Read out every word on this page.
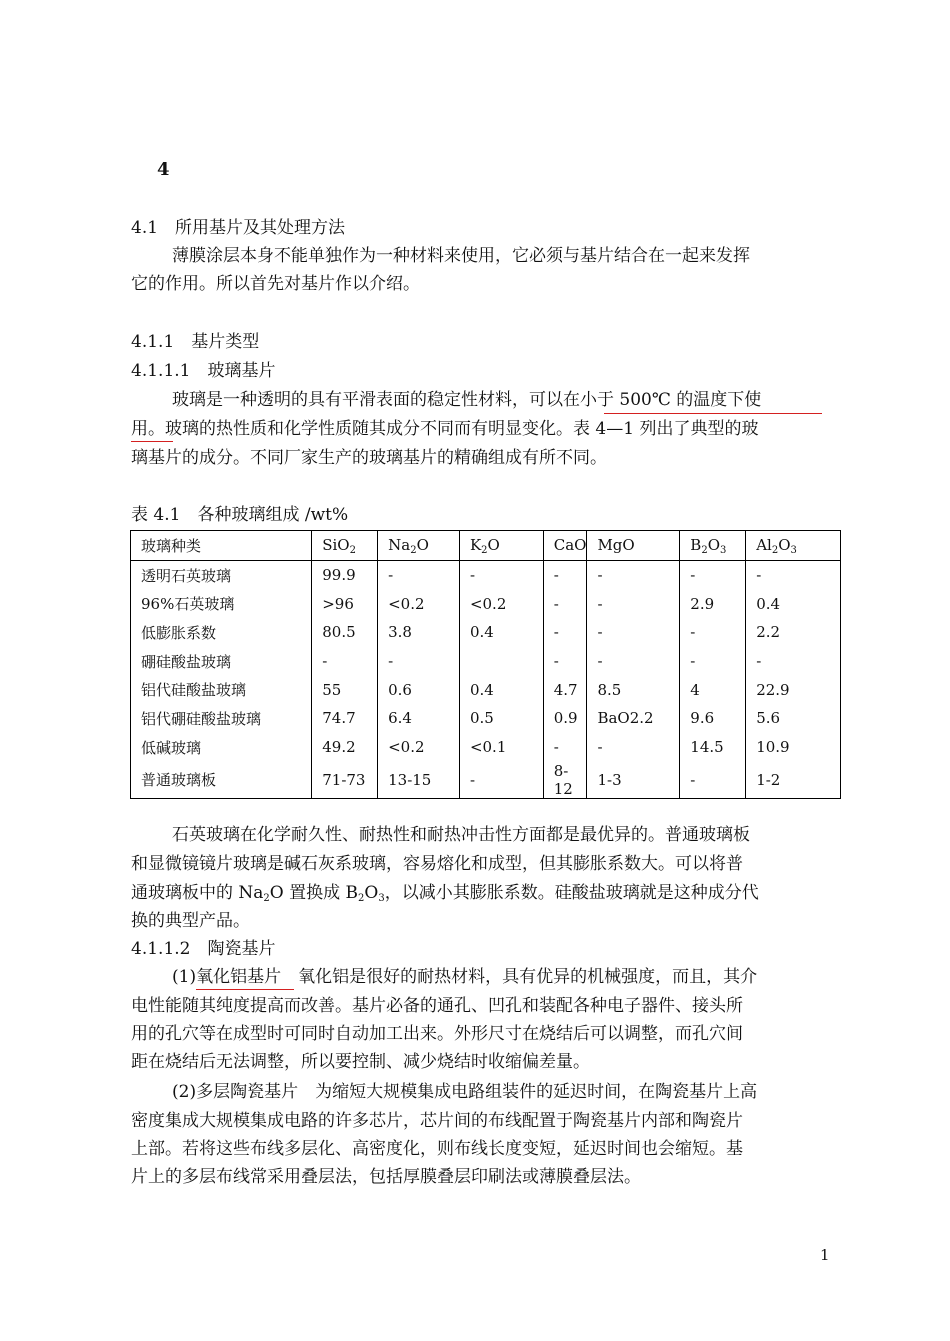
4
4.1　所用基片及其处理方法
薄膜涂层本身不能单独作为一种材料来使用，它必须与基片结合在一起来发挥
它的作用。所以首先对基片作以介绍。
4.1.1　基片类型
4.1.1.1　玻璃基片
玻璃是一种透明的具有平滑表面的稳定性材料，可以在小于 500℃ 的温度下使
用。玻璃的热性质和化学性质随其成分不同而有明显变化。表 4—1 列出了典型的玻
璃基片的成分。不同厂家生产的玻璃基片的精确组成有所不同。
表 4.1　各种玻璃组成 /wt%
玻璃种类	SiO$_2$	$Na_2O$	$K_2O$	CaO	MgO	$B_2O_3$	$Al_2O_3$
透明石英玻璃	99.9	-	-	-	-	-	-
96%石英玻璃	>96	<0.2	<0.2	-	-	2.9	0.4
低膨胀系数	80.5	3.8	0.4	-	-	-	2.2
硼硅酸盐玻璃	-	-		-	-	-	-
铝代硅酸盐玻璃	55	0.6	0.4	4.7	8.5	4	22.9
铝代硼硅酸盐玻璃	74.7	6.4	0.5	0.9	BaO2.2	9.6	5.6
低碱玻璃	49.2	<0.2	<0.1	-	-	14.5	10.9
普通玻璃板	71-73	13-15	-	8-12	1-3	-	1-2
石英玻璃在化学耐久性、耐热性和耐热冲击性方面都是最优异的。普通玻璃板
和显微镜镜片玻璃是碱石灰系玻璃，容易熔化和成型，但其膨胀系数大。可以将普
通玻璃板中的 $Na_2O$ 置换成 $B_2O_3$，以减小其膨胀系数。硅酸盐玻璃就是这种成分代
换的典型产品。
4.1.1.2　陶瓷基片
(1)氧化铝基片　氧化铝是很好的耐热材料，具有优异的机械强度，而且，其介
电性能随其纯度提高而改善。基片必备的通孔、凹孔和装配各种电子器件、接头所
用的孔穴等在成型时可同时自动加工出来。外形尺寸在烧结后可以调整，而孔穴间
距在烧结后无法调整，所以要控制、减少烧结时收缩偏差量。
(2)多层陶瓷基片　为缩短大规模集成电路组装件的延迟时间，在陶瓷基片上高
密度集成大规模集成电路的许多芯片，芯片间的布线配置于陶瓷基片内部和陶瓷片
上部。若将这些布线多层化、高密度化，则布线长度变短，延迟时间也会缩短。基
片上的多层布线常采用叠层法，包括厚膜叠层印刷法或薄膜叠层法。
1
